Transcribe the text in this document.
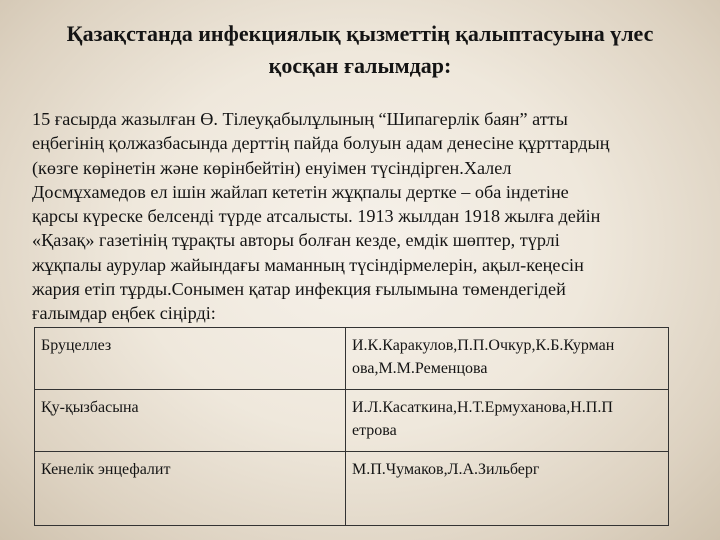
Қазақстанда инфекциялық қызметтің қалыптасуына үлес
қосқан ғалымдар:

15 ғасырда жазылған Ө. Тілеуқабылұлының “Шипагерлік баян” атты
еңбегінің қолжазбасында дерттің пайда болуын адам денесіне құрттардың
(көзге көрінетін және көрінбейтін) енуімен түсіндірген.Халел
Досмұхамедов ел ішін жайлап кететін жұқпалы дертке – оба індетіне
қарсы күреске белсенді түрде атсалысты. 1913 жылдан 1918 жылға дейін
«Қазақ» газетінің тұрақты авторы болған кезде, емдік шөптер, түрлі
жұқпалы аурулар жайындағы маманның түсіндірмелерін, ақыл-кеңесін
жария етіп тұрды.Сонымен қатар инфекция ғылымына төмендегідей
ғалымдар еңбек сіңірді:

Бруцеллез	И.К.Каракулов,П.П.Очкур,К.Б.Курман
ова,М.М.Ременцова
Қу-қызбасына	И.Л.Касаткина,Н.Т.Ермуханова,Н.П.П
етрова
Кенелік энцефалит	М.П.Чумаков,Л.А.Зильберг
